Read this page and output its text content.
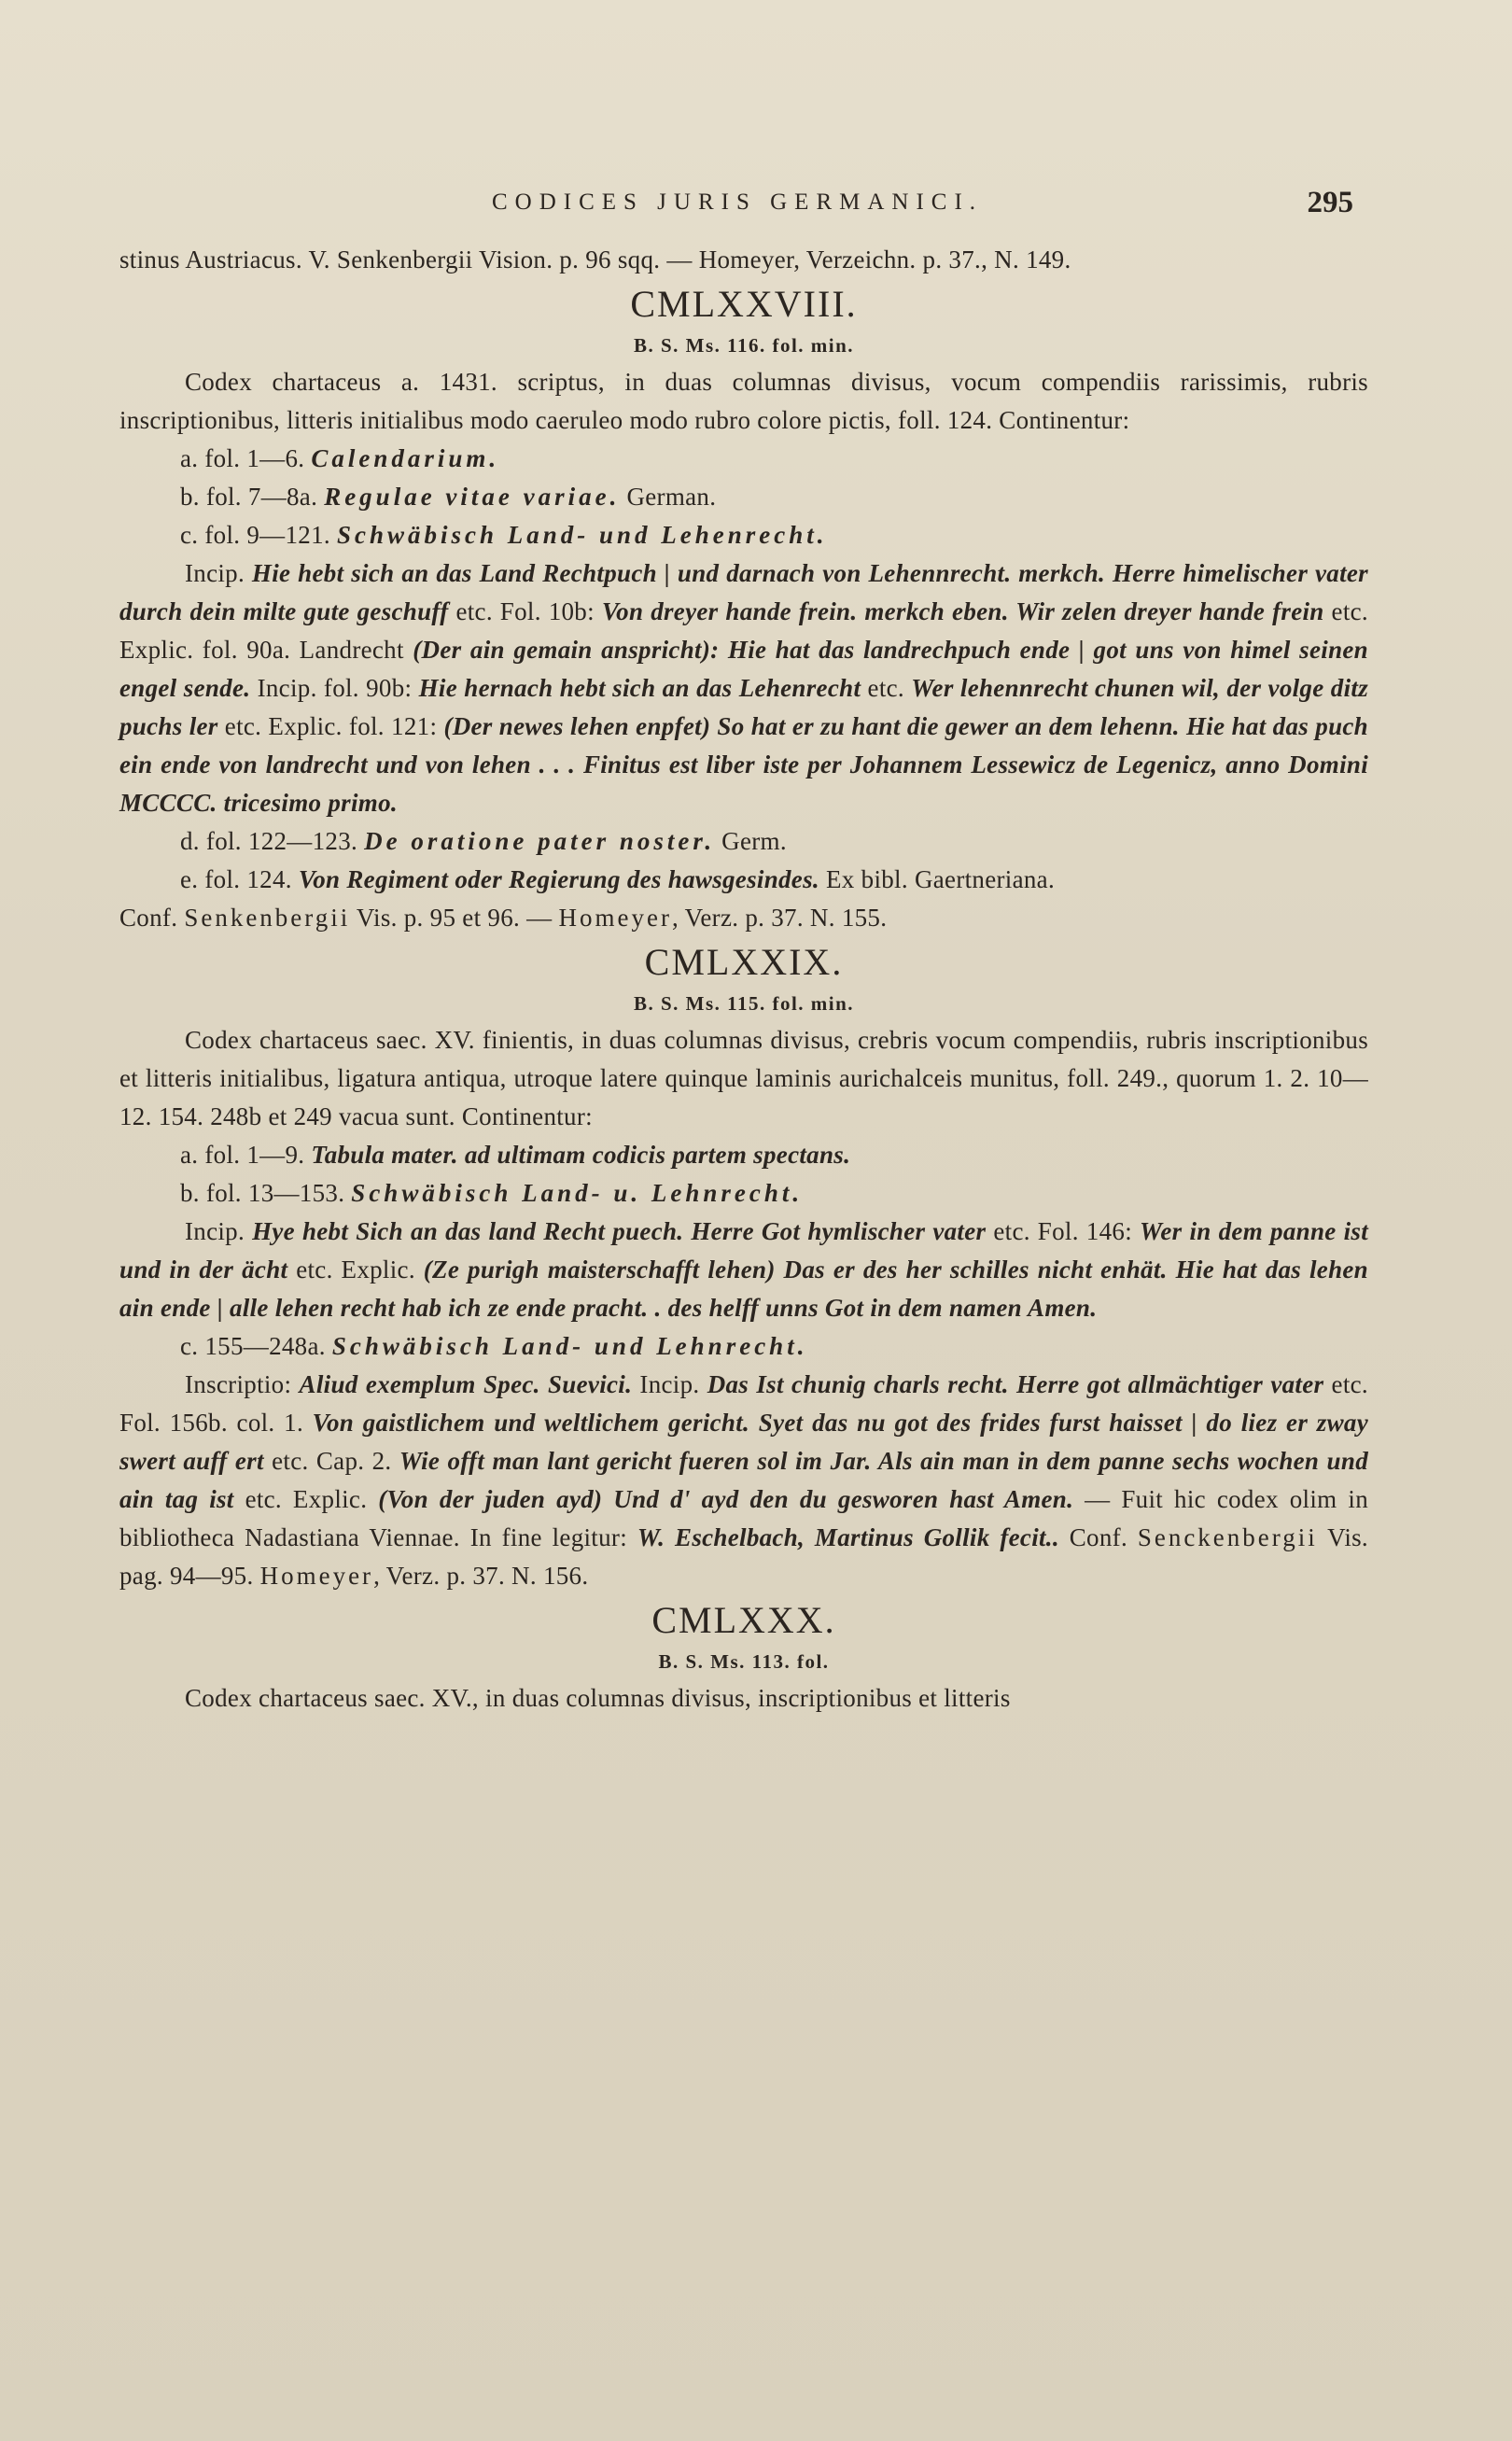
CODICES JURIS GERMANICI.	295

stinus Austriacus. V. Senkenbergii Vision. p. 96 sqq. — Homeyer, Verzeichn. p. 37., N. 149.

CMLXXVIII.
B. S. Ms. 116. fol. min.

Codex chartaceus a. 1431. scriptus, in duas columnas divisus, vocum compendiis rarissimis, rubris inscriptionibus, litteris initialibus modo caeruleo modo rubro colore pictis, foll. 124. Continentur:

a. fol. 1—6. Calendarium.

b. fol. 7—8a. Regulae vitae variae. German.

c. fol. 9—121. Schwäbisch Land- und Lehenrecht.

Incip. Hie hebt sich an das Land Rechtpuch | und darnach von Lehennrecht. merkch. Herre himelischer vater durch dein milte gute geschuff etc. Fol. 10b: Von dreyer hande frein. merkch eben. Wir zelen dreyer hande frein etc. Explic. fol. 90a. Landrecht (Der ain gemain anspricht): Hie hat das landrechpuch ende | got uns von himel seinen engel sende. Incip. fol. 90b: Hie hernach hebt sich an das Lehenrecht etc. Wer lehennrecht chunen wil, der volge ditz puchs ler etc. Explic. fol. 121: (Der newes lehen enpfet) So hat er zu hant die gewer an dem lehenn. Hie hat das puch ein ende von landrecht und von lehen . . . Finitus est liber iste per Johannem Lessewicz de Legenicz, anno Domini MCCCC. tricesimo primo.

d. fol. 122—123. De oratione pater noster. Germ.

e. fol. 124. Von Regiment oder Regierung des hawsgesindes. Ex bibl. Gaertneriana.

Conf. Senkenbergii Vis. p. 95 et 96. — Homeyer, Verz. p. 37. N. 155.

CMLXXIX.
B. S. Ms. 115. fol. min.

Codex chartaceus saec. XV. finientis, in duas columnas divisus, crebris vocum compendiis, rubris inscriptionibus et litteris initialibus, ligatura antiqua, utroque latere quinque laminis aurichalceis munitus, foll. 249., quorum 1. 2. 10—12. 154. 248b et 249 vacua sunt. Continentur:

a. fol. 1—9. Tabula mater. ad ultimam codicis partem spectans.

b. fol. 13—153. Schwäbisch Land- u. Lehnrecht.

Incip. Hye hebt Sich an das land Recht puech. Herre Got hymlischer vater etc. Fol. 146: Wer in dem panne ist und in der ächt etc. Explic. (Ze purigh maisterschafft lehen) Das er des her schilles nicht enhät. Hie hat das lehen ain ende | alle lehen recht hab ich ze ende pracht. . des helff unns Got in dem namen Amen.

c. 155—248a. Schwäbisch Land- und Lehnrecht.

Inscriptio: Aliud exemplum Spec. Suevici. Incip. Das Ist chunig charls recht. Herre got allmächtiger vater etc. Fol. 156b. col. 1. Von gaistlichem und weltlichem gericht. Syet das nu got des frides furst haisset | do liez er zway swert auff ert etc. Cap. 2. Wie offt man lant gericht fueren sol im Jar. Als ain man in dem panne sechs wochen und ain tag ist etc. Explic. (Von der juden ayd) Und d' ayd den du gesworen hast Amen. — Fuit hic codex olim in bibliotheca Nadastiana Viennae. In fine legitur: W. Eschelbach, Martinus Gollik fecit.. Conf. Senckenbergii Vis. pag. 94—95. Homeyer, Verz. p. 37. N. 156.

CMLXXX.
B. S. Ms. 113. fol.

Codex chartaceus saec. XV., in duas columnas divisus, inscriptionibus et litteris
